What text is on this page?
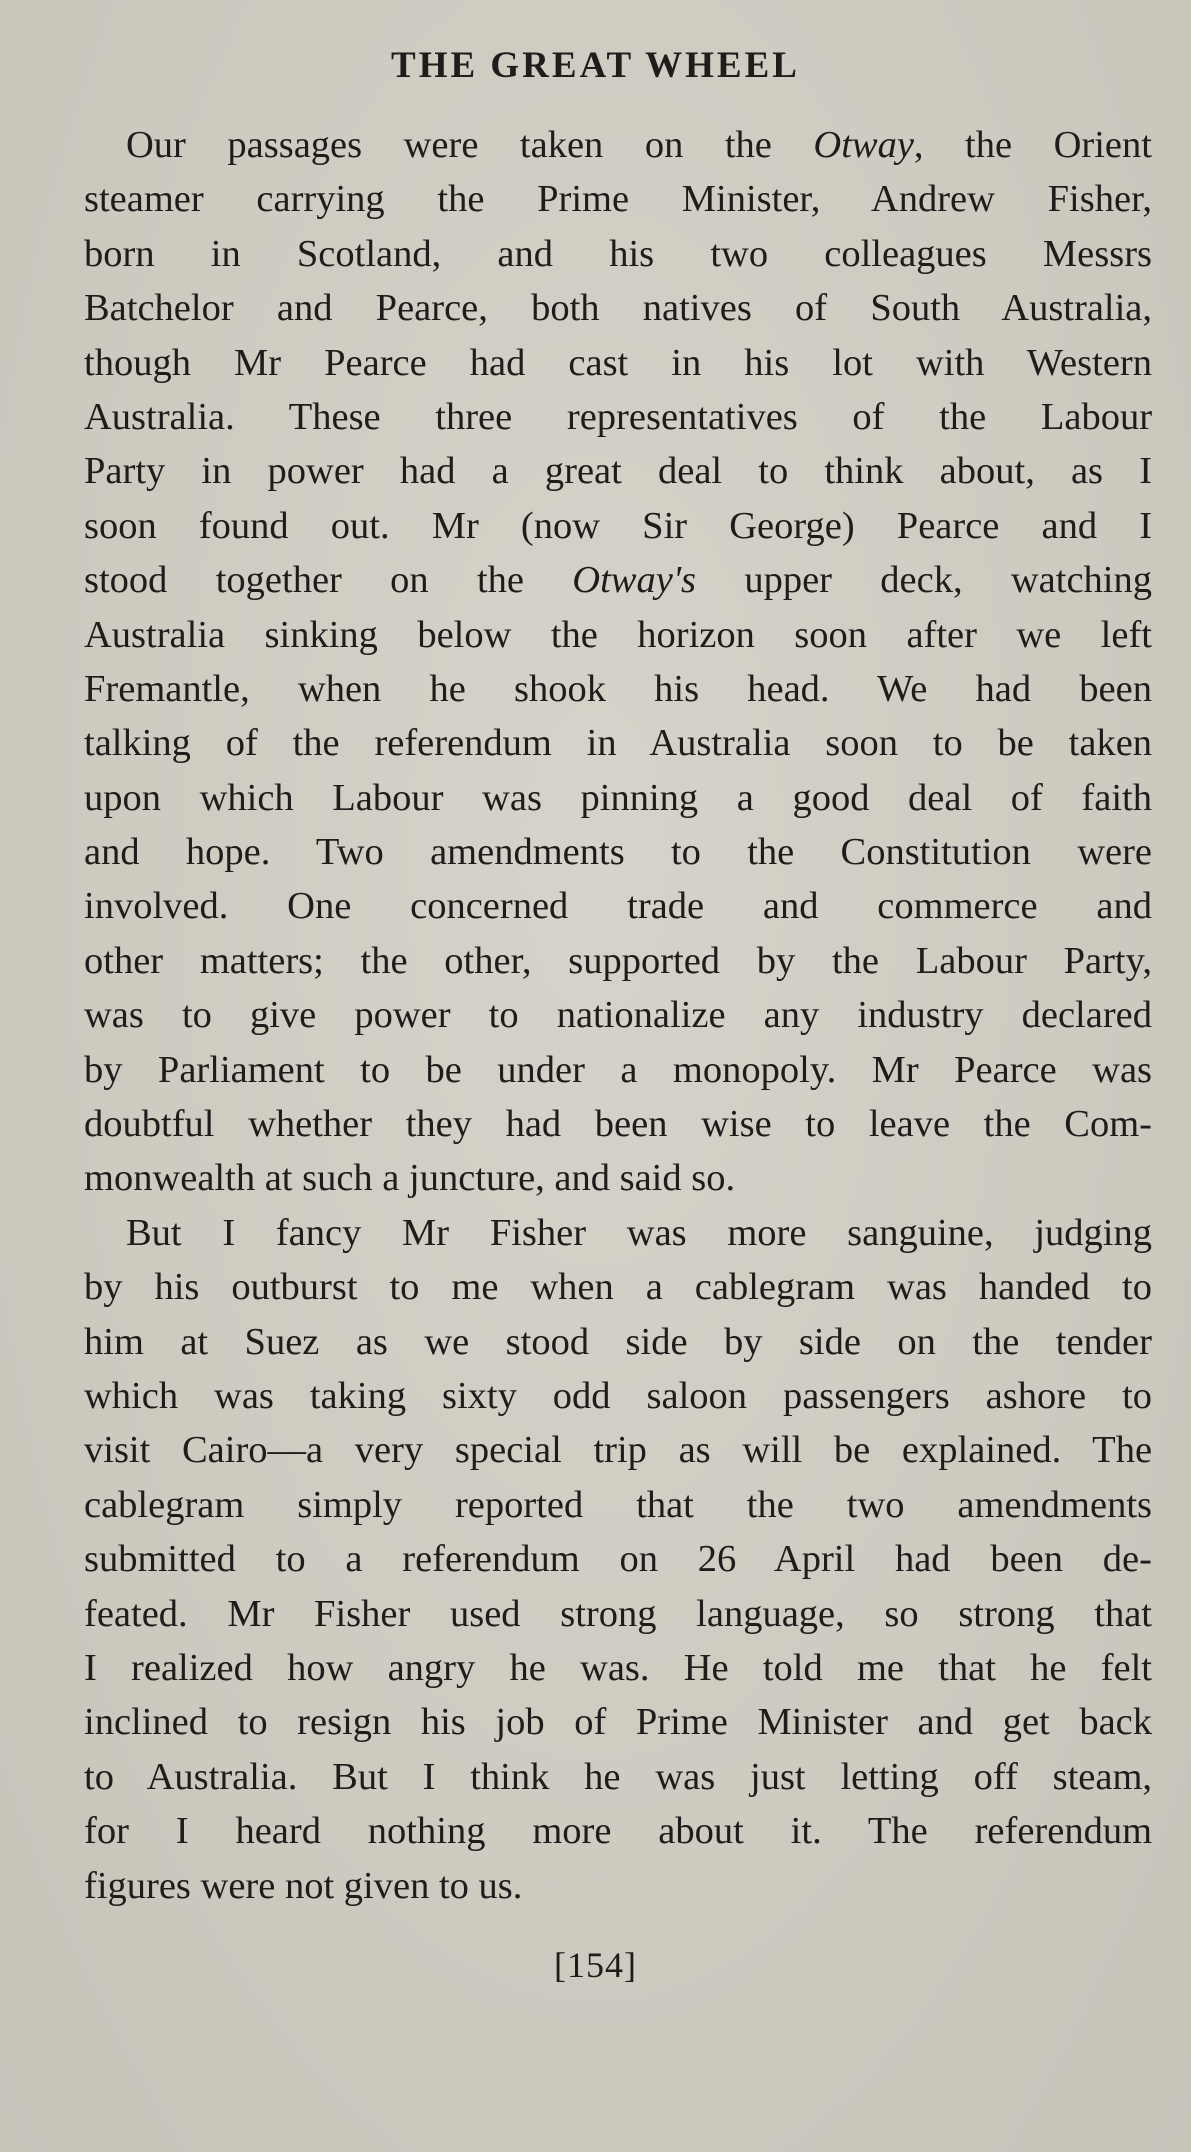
THE GREAT WHEEL
Our passages were taken on the Otway, the Orient
steamer carrying the Prime Minister, Andrew Fisher,
born in Scotland, and his two colleagues Messrs
Batchelor and Pearce, both natives of South Australia,
though Mr Pearce had cast in his lot with Western
Australia. These three representatives of the Labour
Party in power had a great deal to think about, as I
soon found out. Mr (now Sir George) Pearce and I
stood together on the Otway's upper deck, watching
Australia sinking below the horizon soon after we left
Fremantle, when he shook his head. We had been
talking of the referendum in Australia soon to be taken
upon which Labour was pinning a good deal of faith
and hope. Two amendments to the Constitution were
involved. One concerned trade and commerce and
other matters; the other, supported by the Labour Party,
was to give power to nationalize any industry declared
by Parliament to be under a monopoly. Mr Pearce was
doubtful whether they had been wise to leave the Com-
monwealth at such a juncture, and said so.
But I fancy Mr Fisher was more sanguine, judging
by his outburst to me when a cablegram was handed to
him at Suez as we stood side by side on the tender
which was taking sixty odd saloon passengers ashore to
visit Cairo—a very special trip as will be explained. The
cablegram simply reported that the two amendments
submitted to a referendum on 26 April had been de-
feated. Mr Fisher used strong language, so strong that
I realized how angry he was. He told me that he felt
inclined to resign his job of Prime Minister and get back
to Australia. But I think he was just letting off steam,
for I heard nothing more about it. The referendum
figures were not given to us.
[154]
